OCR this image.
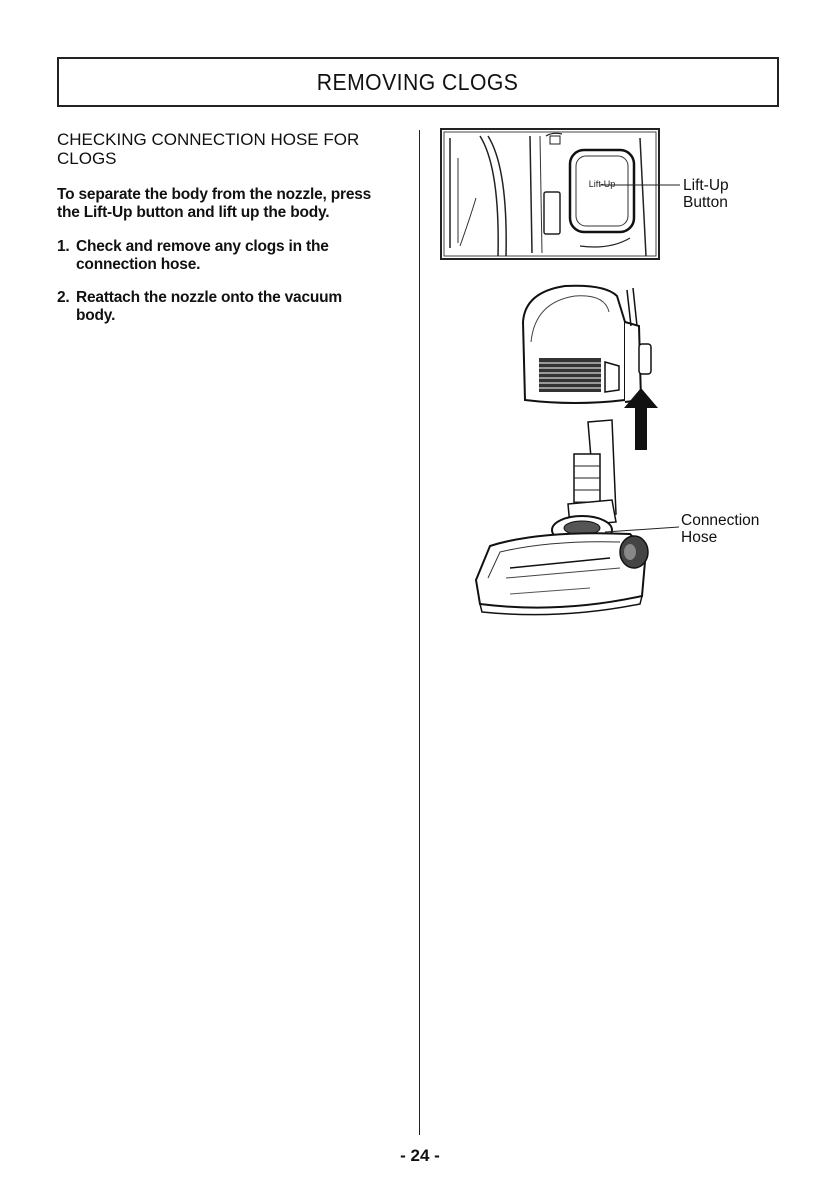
REMOVING CLOGS
CHECKING CONNECTION HOSE FOR CLOGS

To separate the body from the nozzle, press the Lift-Up button and lift up the body.

1. Check and remove any clogs in the connection hose.
2. Reattach the nozzle onto the vacuum body.
Lift-Up	Lift-Up
Button
Connection
Hose
- 24 -
